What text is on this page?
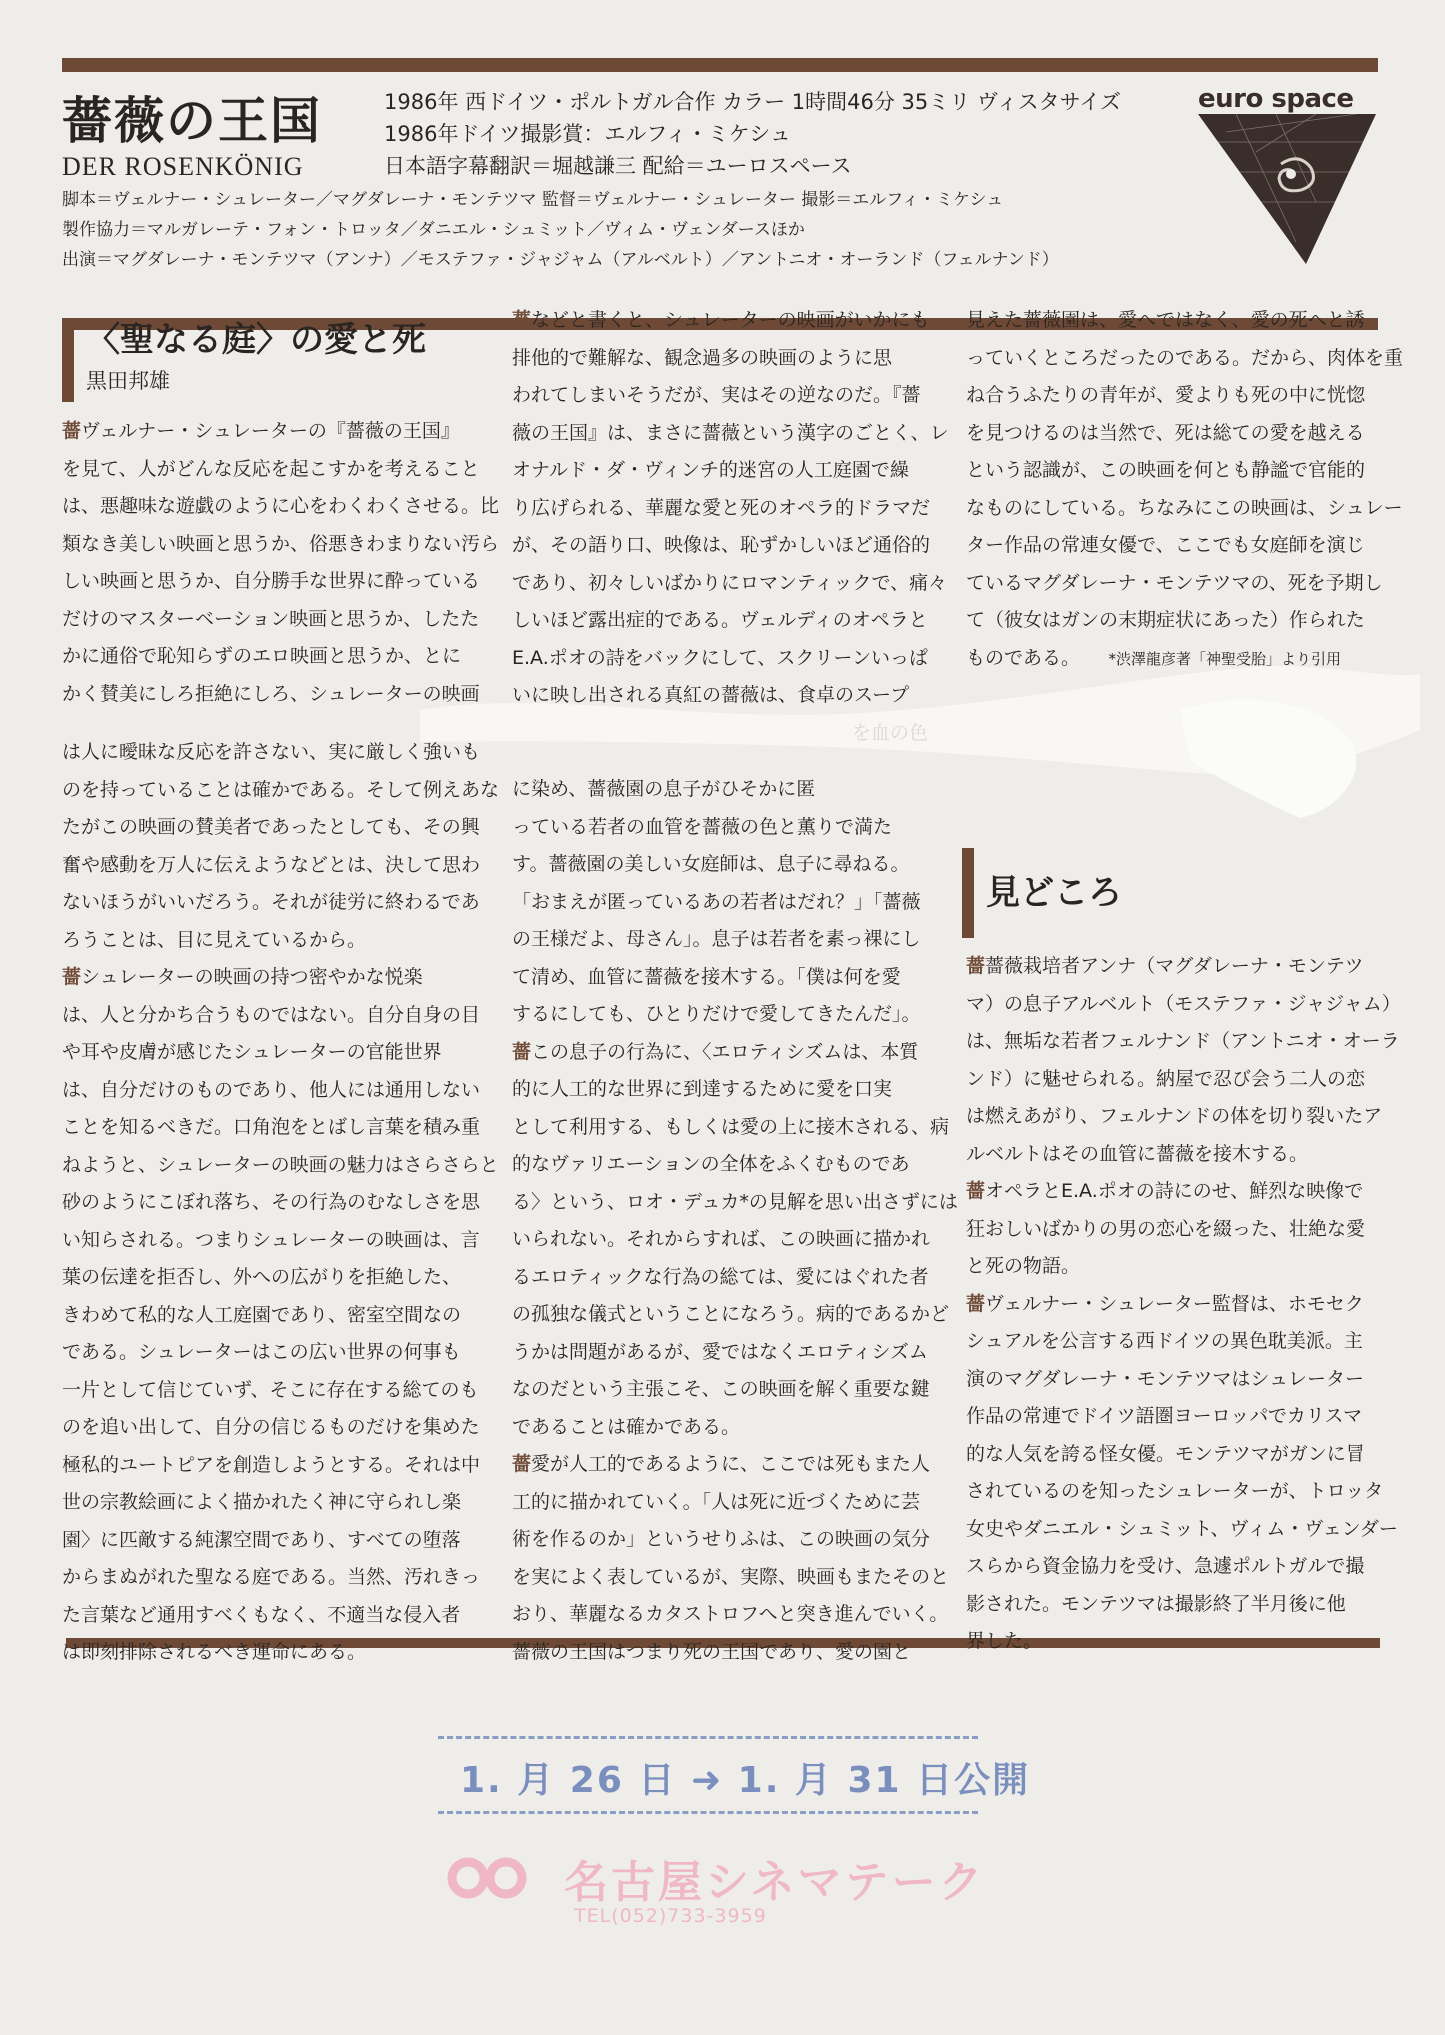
薔薇の王国
DER ROSENKÖNIG
1986年 西ドイツ・ポルトガル合作 カラー 1時間46分 35ミリ ヴィスタサイズ
1986年ドイツ撮影賞：エルフィ・ミケシュ
日本語字幕翻訳＝堀越謙三 配給＝ユーロスペース
脚本＝ヴェルナー・シュレーター／マグダレーナ・モンテツマ 監督＝ヴェルナー・シュレーター 撮影＝エルフィ・ミケシュ
製作協力＝マルガレーテ・フォン・トロッタ／ダニエル・シュミット／ヴィム・ヴェンダースほか
出演＝マグダレーナ・モンテツマ（アンナ）／モステファ・ジャジャム（アルベルト）／アントニオ・オーランド（フェルナンド）
euro space
〈聖なる庭〉の愛と死
黒田邦雄

薔ヴェルナー・シュレーターの『薔薇の王国』

を見て、人がどんな反応を起こすかを考えること

は、悪趣味な遊戯のように心をわくわくさせる。比

類なき美しい映画と思うか、俗悪きわまりない汚ら

しい映画と思うか、自分勝手な世界に酔っている

だけのマスターベーション映画と思うか、したた

かに通俗で恥知らずのエロ映画と思うか、とに

かく賛美にしろ拒絶にしろ、シュレーターの映画

は人に曖昧な反応を許さない、実に厳しく強いも

のを持っていることは確かである。そして例えあな

たがこの映画の賛美者であったとしても、その興

奮や感動を万人に伝えようなどとは、決して思わ

ないほうがいいだろう。それが徒労に終わるであ

ろうことは、目に見えているから。

薔シュレーターの映画の持つ密やかな悦楽

は、人と分かち合うものではない。自分自身の目

や耳や皮膚が感じたシュレーターの官能世界

は、自分だけのものであり、他人には通用しない

ことを知るべきだ。口角泡をとばし言葉を積み重

ねようと、シュレーターの映画の魅力はさらさらと

砂のようにこぼれ落ち、その行為のむなしさを思

い知らされる。つまりシュレーターの映画は、言

葉の伝達を拒否し、外への広がりを拒絶した、

きわめて私的な人工庭園であり、密室空間なの

である。シュレーターはこの広い世界の何事も

一片として信じていず、そこに存在する総てのも

のを追い出して、自分の信じるものだけを集めた

極私的ユートピアを創造しようとする。それは中

世の宗教絵画によく描かれたく神に守られし楽

園〉に匹敵する純潔空間であり、すべての堕落

からまぬがれた聖なる庭である。当然、汚れきっ

た言葉など通用すべくもなく、不適当な侵入者

は即刻排除されるべき運命にある。

薔などと書くと、シュレーターの映画がいかにも

排他的で難解な、観念過多の映画のように思

われてしまいそうだが、実はその逆なのだ。『薔

薇の王国』は、まさに薔薇という漢字のごとく、レ

オナルド・ダ・ヴィンチ的迷宮の人工庭園で繰

り広げられる、華麗な愛と死のオペラ的ドラマだ

が、その語り口、映像は、恥ずかしいほど通俗的

であり、初々しいばかりにロマンティックで、痛々

しいほど露出症的である。ヴェルディのオペラと

E.A.ポオの詩をバックにして、スクリーンいっぱ

いに映し出される真紅の薔薇は、食卓のスープ

に染め、薔薇園の息子がひそかに匿

っている若者の血管を薔薇の色と薫りで満た

す。薔薇園の美しい女庭師は、息子に尋ねる。

「おまえが匿っているあの若者はだれ？」「薔薇

の王様だよ、母さん」。息子は若者を素っ裸にし

て清め、血管に薔薇を接木する。「僕は何を愛

するにしても、ひとりだけで愛してきたんだ」。

薔この息子の行為に、〈エロティシズムは、本質

的に人工的な世界に到達するために愛を口実

として利用する、もしくは愛の上に接木される、病

的なヴァリエーションの全体をふくむものであ

る〉という、ロオ・デュカ*の見解を思い出さずには

いられない。それからすれば、この映画に描かれ

るエロティックな行為の総ては、愛にはぐれた者

の孤独な儀式ということになろう。病的であるかど

うかは問題があるが、愛ではなくエロティシズム

なのだという主張こそ、この映画を解く重要な鍵

であることは確かである。

薔愛が人工的であるように、ここでは死もまた人

工的に描かれていく。「人は死に近づくために芸

術を作るのか」というせりふは、この映画の気分

を実によく表しているが、実際、映画もまたそのと

おり、華麗なるカタストロフへと突き進んでいく。

薔薇の王国はつまり死の王国であり、愛の園と

見えた薔薇園は、愛へではなく、愛の死へと誘

っていくところだったのである。だから、肉体を重

ね合うふたりの青年が、愛よりも死の中に恍惚

を見つけるのは当然で、死は総ての愛を越える

という認識が、この映画を何とも静謐で官能的

なものにしている。ちなみにこの映画は、シュレー

ター作品の常連女優で、ここでも女庭師を演じ

ているマグダレーナ・モンテツマの、死を予期し

て（彼女はガンの末期症状にあった）作られた

ものである。　　	*渋澤龍彦著「神聖受胎」より引用

見どころ

薔薔薇栽培者アンナ（マグダレーナ・モンテツ

マ）の息子アルベルト（モステファ・ジャジャム）

は、無垢な若者フェルナンド（アントニオ・オーラ

ンド）に魅せられる。納屋で忍び会う二人の恋

は燃えあがり、フェルナンドの体を切り裂いたア

ルベルトはその血管に薔薇を接木する。

薔オペラとE.A.ポオの詩にのせ、鮮烈な映像で

狂おしいばかりの男の恋心を綴った、壮絶な愛

と死の物語。

薔ヴェルナー・シュレーター監督は、ホモセク

シュアルを公言する西ドイツの異色耽美派。主

演のマグダレーナ・モンテツマはシュレーター

作品の常連でドイツ語圏ヨーロッパでカリスマ

的な人気を誇る怪女優。モンテツマがガンに冒

されているのを知ったシュレーターが、トロッタ

女史やダニエル・シュミット、ヴィム・ヴェンダー

スらから資金協力を受け、急遽ポルトガルで撮

影された。モンテツマは撮影終了半月後に他

界した。

1. 月 26 日 ➜ 1. 月 31 日公開
名古屋シネマテーク
TEL(052)733-3959
